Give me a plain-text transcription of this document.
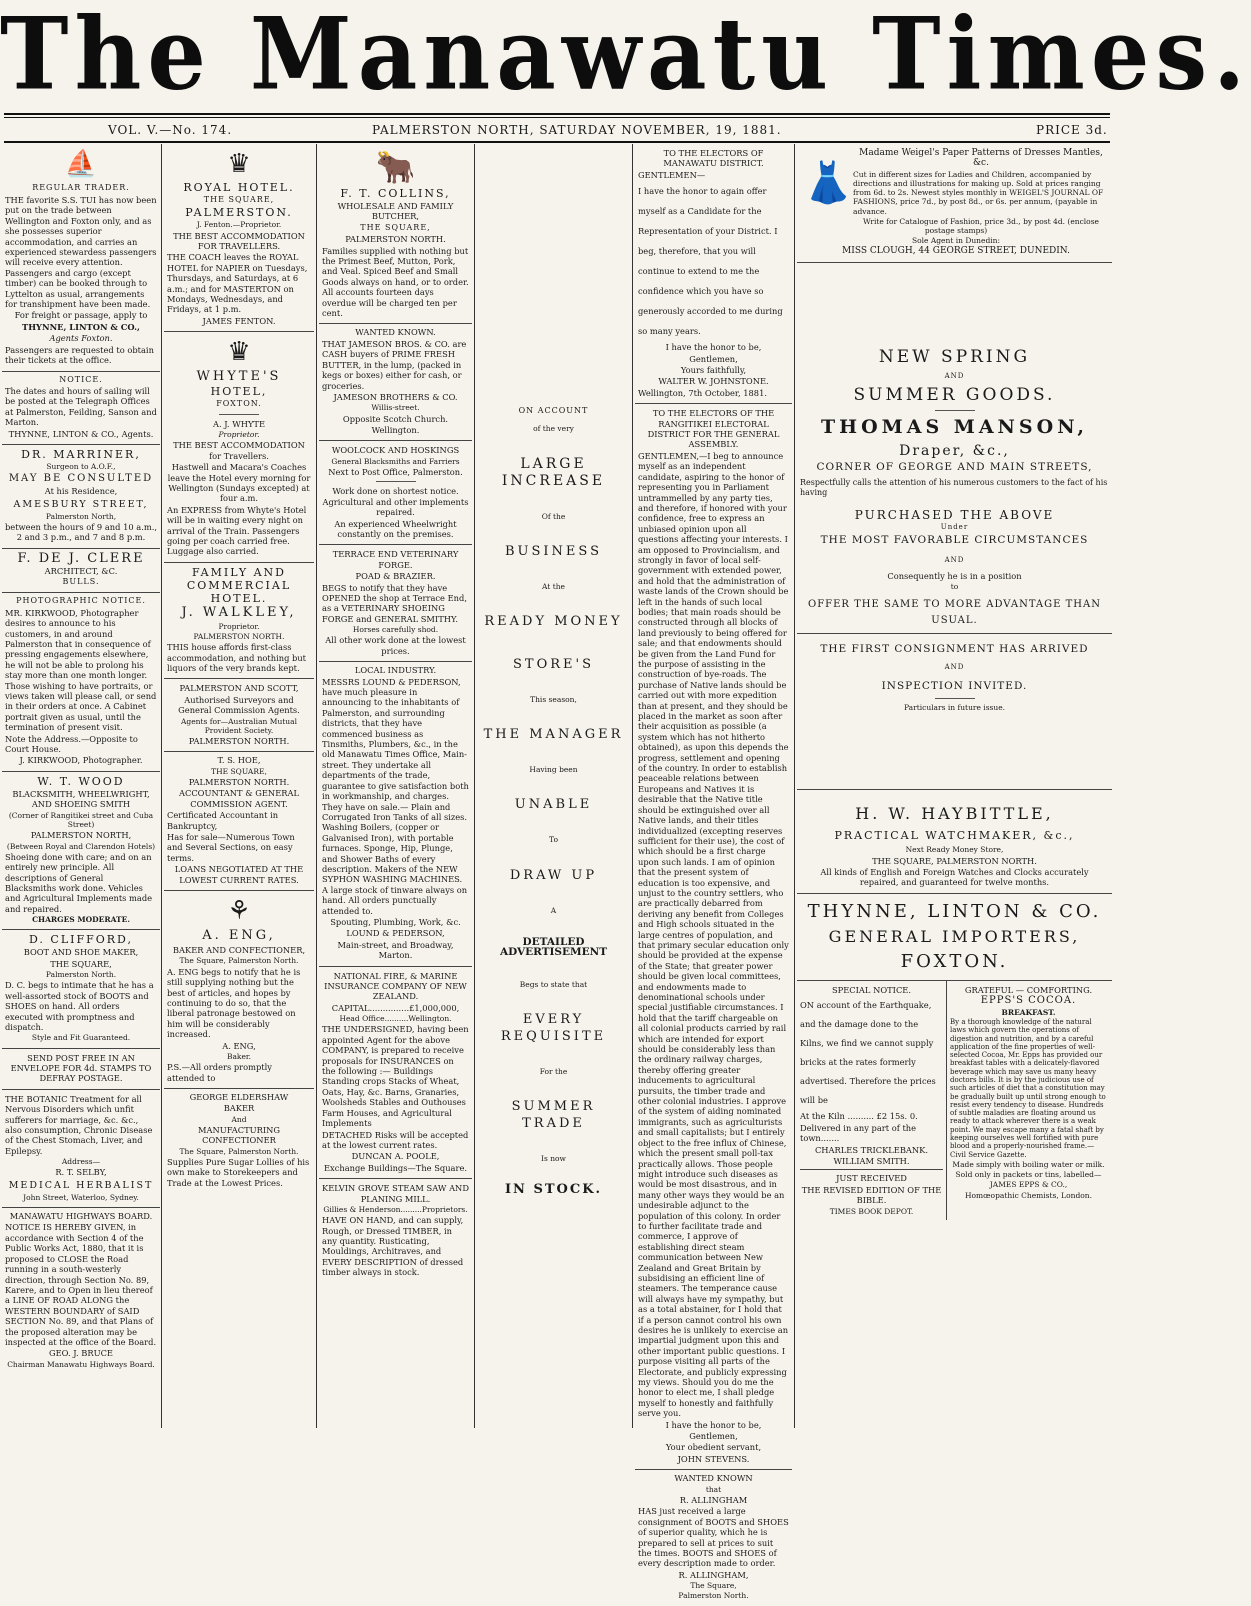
The Manawatu Times.
VOL. V.—No. 174.	PALMERSTON NORTH, SATURDAY NOVEMBER, 19, 1881.	PRICE 3d.
⛵
REGULAR TRADER.

THE favorite S.S. TUI has now been put on the trade between Wellington and Foxton only, and as she possesses superior accommodation, and carries an experienced stewardess passengers will receive every attention. Passengers and cargo (except timber) can be booked through to Lyttelton as usual, arrangements for transhipment have been made.

For freight or passage, apply to

THYNNE, LINTON & CO.,

Agents Foxton.

Passengers are requested to obtain their tickets at the office.

NOTICE.

The dates and hours of sailing will be posted at the Telegraph Offices at Palmerston, Feilding, Sanson and Marton.

THYNNE, LINTON & CO., Agents.

DR. MARRINER,

Surgeon to A.O.F.,

MAY BE CONSULTED

At his Residence,

AMESBURY STREET,

Palmerston North,

between the hours of 9 and 10 a.m., 2 and 3 p.m., and 7 and 8 p.m.

F. DE J. CLERE

ARCHITECT, &C.

BULLS.

PHOTOGRAPHIC NOTICE.

MR. KIRKWOOD, Photographer desires to announce to his customers, in and around Palmerston that in consequence of pressing engagements elsewhere, he will not be able to prolong his stay more than one month longer. Those wishing to have portraits, or views taken will please call, or send in their orders at once. A Cabinet portrait given as usual, until the termination of present visit.

Note the Address.—Opposite to Court House.

J. KIRKWOOD, Photographer.

W. T. WOOD

BLACKSMITH, WHEELWRIGHT, AND SHOEING SMITH

(Corner of Rangitikei street and Cuba Street)

PALMERSTON NORTH,

(Between Royal and Clarendon Hotels)

Shoeing done with care; and on an entirely new principle. All descriptions of General Blacksmiths work done. Vehicles and Agricultural Implements made and repaired.

CHARGES MODERATE.

D. CLIFFORD,

BOOT AND SHOE MAKER,

THE SQUARE,

Palmerston North.

D. C. begs to intimate that he has a well-assorted stock of BOOTS and SHOES on hand. All orders executed with promptness and dispatch.

Style and Fit Guaranteed.

SEND POST FREE IN AN ENVELOPE FOR 4d. STAMPS TO DEFRAY POSTAGE.

THE BOTANIC Treatment for all Nervous Disorders which unfit sufferers for marriage, &c. &c., also consumption, Chronic Disease of the Chest Stomach, Liver, and Epilepsy.

Address—

R. T. SELBY,

MEDICAL HERBALIST

John Street, Waterloo, Sydney.

MANAWATU HIGHWAYS BOARD.

NOTICE IS HEREBY GIVEN, in accordance with Section 4 of the Public Works Act, 1880, that it is proposed to CLOSE the Road running in a south-westerly direction, through Section No. 89, Karere, and to Open in lieu thereof a LINE OF ROAD ALONG the WESTERN BOUNDARY of SAID SECTION No. 89, and that Plans of the proposed alteration may be inspected at the office of the Board.

GEO. J. BRUCE

Chairman Manawatu Highways Board.

♛
ROYAL HOTEL.

THE SQUARE,

PALMERSTON.

J. Fenton.—Proprietor.

THE BEST ACCOMMODATION FOR TRAVELLERS.

THE COACH leaves the ROYAL HOTEL for NAPIER on Tuesdays, Thursdays, and Saturdays, at 6 a.m.; and for MASTERTON on Mondays, Wednesdays, and Fridays, at 1 p.m.

JAMES FENTON.

♛
WHYTE'S
HOTEL,

FOXTON.

A. J. WHYTE

Proprietor.

THE BEST ACCOMMODATION for Travellers.

Hastwell and Macara's Coaches leave the Hotel every morning for Wellington (Sundays excepted) at four a.m.

An EXPRESS from Whyte's Hotel will be in waiting every night on arrival of the Train. Passengers going per coach carried free. Luggage also carried.

FAMILY AND
COMMERCIAL HOTEL.
J. WALKLEY,

Proprietor.

PALMERSTON NORTH.

THIS house affords first-class accommodation, and nothing but liquors of the very brands kept.

PALMERSTON AND SCOTT,

Authorised Surveyors and General Commission Agents.

Agents for—Australian Mutual Provident Society.

PALMERSTON NORTH.

T. S. HOE,

THE SQUARE,

PALMERSTON NORTH.

ACCOUNTANT & GENERAL COMMISSION AGENT.

Certificated Accountant in Bankruptcy,

Has for sale—Numerous Town and Several Sections, on easy terms.

LOANS NEGOTIATED AT THE LOWEST CURRENT RATES.

⚘
A. ENG,

BAKER AND CONFECTIONER,

The Square, Palmerston North.

A. ENG begs to notify that he is still supplying nothing but the best of articles, and hopes by continuing to do so, that the liberal patronage bestowed on him will be considerably increased.

A. ENG,

Baker.

P.S.—All orders promptly attended to

GEORGE ELDERSHAW

BAKER

And

MANUFACTURING CONFECTIONER

The Square, Palmerston North.

Supplies Pure Sugar Lollies of his own make to Storekeepers and Trade at the Lowest Prices.

🐂
F. T. COLLINS,

WHOLESALE AND FAMILY BUTCHER,

THE SQUARE,

PALMERSTON NORTH.

Families supplied with nothing but the Primest Beef, Mutton, Pork, and Veal. Spiced Beef and Small Goods always on hand, or to order. All accounts fourteen days overdue will be charged ten per cent.

WANTED KNOWN.

THAT JAMESON BROS. & CO. are CASH buyers of PRIME FRESH BUTTER, in the lump, (packed in kegs or boxes) either for cash, or groceries.

JAMESON BROTHERS & CO.

Willis-street.

Opposite Scotch Church.

Wellington.

WOOLCOCK AND HOSKINGS

General Blacksmiths and Farriers

Next to Post Office, Palmerston.

Work done on shortest notice. Agricultural and other implements repaired.

An experienced Wheelwright constantly on the premises.

TERRACE END VETERINARY FORGE.

POAD & BRAZIER.

BEGS to notify that they have OPENED the shop at Terrace End, as a VETERINARY SHOEING FORGE and GENERAL SMITHY.

Horses carefully shod.

All other work done at the lowest prices.

LOCAL INDUSTRY.

MESSRS LOUND & PEDERSON, have much pleasure in announcing to the inhabitants of Palmerston, and surrounding districts, that they have commenced business as Tinsmiths, Plumbers, &c., in the old Manawatu Times Office, Main-street. They undertake all departments of the trade, guarantee to give satisfaction both in workmanship, and charges. They have on sale.— Plain and Corrugated Iron Tanks of all sizes. Washing Boilers, (copper or Galvanised Iron), with portable furnaces. Sponge, Hip, Plunge, and Shower Baths of every description. Makers of the NEW SYPHON WASHING MACHINES. A large stock of tinware always on hand. All orders punctually attended to.

Spouting, Plumbing, Work, &c.

LOUND & PEDERSON,

Main-street, and Broadway, Marton.

NATIONAL FIRE, & MARINE INSURANCE COMPANY OF NEW ZEALAND.

CAPITAL...............£1,000,000,

Head Office..........Wellington.

THE UNDERSIGNED, having been appointed Agent for the above COMPANY, is prepared to receive proposals for INSURANCES on the following :— Buildings Standing crops Stacks of Wheat, Oats, Hay, &c. Barns, Granaries, Woolsheds Stables and Outhouses Farm Houses, and Agricultural Implements

DETACHED Risks will be accepted at the lowest current rates.

DUNCAN A. POOLE,

Exchange Buildings—The Square.

KELVIN GROVE STEAM SAW AND PLANING MILL.

Gillies & Henderson.........Proprietors.

HAVE ON HAND, and can supply, Rough, or Dressed TIMBER, in any quantity. Rusticating, Mouldings, Architraves, and EVERY DESCRIPTION of dressed timber always in stock.

ON ACCOUNT
of the very
LARGE INCREASE
Of the
BUSINESS
At the
READY MONEY
STORE'S
This season,
THE MANAGER
Having been
UNABLE
To
DRAW UP
A
DETAILED ADVERTISEMENT
Begs to state that
EVERY REQUISITE
For the
SUMMER TRADE
Is now
IN STOCK.

TO THE ELECTORS OF MANAWATU DISTRICT.

GENTLEMEN—

I have the honor to again offer myself as a Candidate for the Representation of your District. I beg, therefore, that you will continue to extend to me the confidence which you have so generously accorded to me during so many years.

I have the honor to be,

Gentlemen,

Yours faithfully,

WALTER W. JOHNSTONE.

Wellington, 7th October, 1881.

TO THE ELECTORS OF THE RANGITIKEI ELECTORAL DISTRICT FOR THE GENERAL ASSEMBLY.

GENTLEMEN,—I beg to announce myself as an independent candidate, aspiring to the honor of representing you in Parliament untrammelled by any party ties, and therefore, if honored with your confidence, free to express an unbiased opinion upon all questions affecting your interests. I am opposed to Provincialism, and strongly in favor of local self-government with extended power, and hold that the administration of waste lands of the Crown should be left in the hands of such local bodies; that main roads should be constructed through all blocks of land previously to being offered for sale; and that endowments should be given from the Land Fund for the purpose of assisting in the construction of bye-roads. The purchase of Native lands should be carried out with more expedition than at present, and they should be placed in the market as soon after their acquisition as possible (a system which has not hitherto obtained), as upon this depends the progress, settlement and opening of the country. In order to establish peaceable relations between Europeans and Natives it is desirable that the Native title should be extinguished over all Native lands, and their titles individualized (excepting reserves sufficient for their use), the cost of which should be a first charge upon such lands. I am of opinion that the present system of education is too expensive, and unjust to the country settlers, who are practically debarred from deriving any benefit from Colleges and High schools situated in the large centres of population, and that primary secular education only should be provided at the expense of the State; that greater power should be given local committees, and endowments made to denominational schools under special justifiable circumstances. I hold that the tariff chargeable on all colonial products carried by rail which are intended for export should be considerably less than the ordinary railway charges, thereby offering greater inducements to agricultural pursuits, the timber trade and other colonial industries. I approve of the system of aiding nominated immigrants, such as agriculturists and small capitalists; but I entirely object to the free influx of Chinese, which the present small poll-tax practically allows. Those people might introduce such diseases as would be most disastrous, and in many other ways they would be an undesirable adjunct to the population of this colony. In order to further facilitate trade and commerce, I approve of establishing direct steam communication between New Zealand and Great Britain by subsidising an efficient line of steamers. The temperance cause will always have my sympathy, but as a total abstainer, for I hold that if a person cannot control his own desires he is unlikely to exercise an impartial judgment upon this and other important public questions. I purpose visiting all parts of the Electorate, and publicly expressing my views. Should you do me the honor to elect me, I shall pledge myself to honestly and faithfully serve you.

I have the honor to be,

Gentlemen,

Your obedient servant,

JOHN STEVENS.

WANTED KNOWN

that

R. ALLINGHAM

HAS just received a large consignment of BOOTS and SHOES of superior quality, which he is prepared to sell at prices to suit the times. BOOTS and SHOES of every description made to order.

R. ALLINGHAM,

The Square,

Palmerston North.

👗

Madame Weigel's Paper Patterns of Dresses Mantles, &c.

Cut in different sizes for Ladies and Children, accompanied by directions and illustrations for making up. Sold at prices ranging from 6d. to 2s. Newest styles monthly in WEIGEL'S JOURNAL OF FASHIONS, price 7d., by post 8d., or 6s. per annum, (payable in advance.

Write for Catalogue of Fashion, price 3d., by post 4d. (enclose postage stamps)

Sole Agent in Dunedin:

MISS CLOUGH, 44 GEORGE STREET, DUNEDIN.

NEW SPRING
AND
SUMMER GOODS.
THOMAS MANSON,
Draper, &c.,
CORNER OF GEORGE AND MAIN STREETS,

Respectfully calls the attention of his numerous customers to the fact of his having

PURCHASED THE ABOVE
Under
THE MOST FAVORABLE CIRCUMSTANCES
AND

Consequently he is in a position

to

OFFER THE SAME TO MORE ADVANTAGE THAN USUAL.
THE FIRST CONSIGNMENT HAS ARRIVED
AND
INSPECTION INVITED.

Particulars in future issue.

H. W. HAYBITTLE,
PRACTICAL WATCHMAKER, &c.,

Next Ready Money Store,

THE SQUARE, PALMERSTON NORTH.

All kinds of English and Foreign Watches and Clocks accurately repaired, and guaranteed for twelve months.

THYNNE, LINTON & CO.
GENERAL IMPORTERS,
FOXTON.

SPECIAL NOTICE.

ON account of the Earthquake, and the damage done to the Kilns, we find we cannot supply bricks at the rates formerly advertised. Therefore the prices will be

At the Kiln .......... £2 15s. 0.

Delivered in any part of the town.......

CHARLES TRICKLEBANK.

WILLIAM SMITH.

JUST RECEIVED

THE REVISED EDITION OF THE BIBLE.

TIMES BOOK DEPOT.

GRATEFUL — COMFORTING.

EPPS'S COCOA.

BREAKFAST.

By a thorough knowledge of the natural laws which govern the operations of digestion and nutrition, and by a careful application of the fine properties of well-selected Cocoa, Mr. Epps has provided our breakfast tables with a delicately-flavored beverage which may save us many heavy doctors bills. It is by the judicious use of such articles of diet that a constitution may be gradually built up until strong enough to resist every tendency to disease. Hundreds of subtle maladies are floating around us ready to attack wherever there is a weak point. We may escape many a fatal shaft by keeping ourselves well fortified with pure blood and a properly-nourished frame.—Civil Service Gazette.

Made simply with boiling water or milk.

Sold only in packets or tins, labelled—

JAMES EPPS & CO.,

Homœopathic Chemists, London.
